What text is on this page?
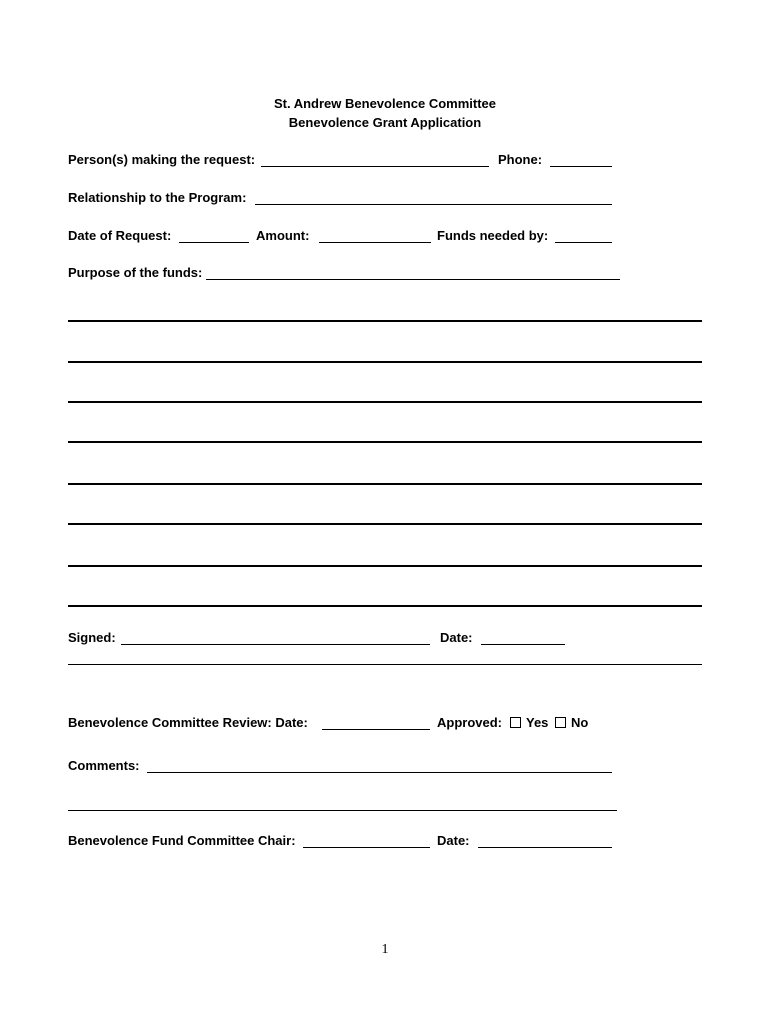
St. Andrew Benevolence Committee
Benevolence Grant Application
Person(s) making the request:	Phone:
Relationship to the Program:
Date of Request:	Amount:	Funds needed by:
Purpose of the funds:
Signed:	Date:
Benevolence Committee Review: Date:	Approved:	Yes	No
Comments:
Benevolence Fund Committee Chair:	Date:
1
